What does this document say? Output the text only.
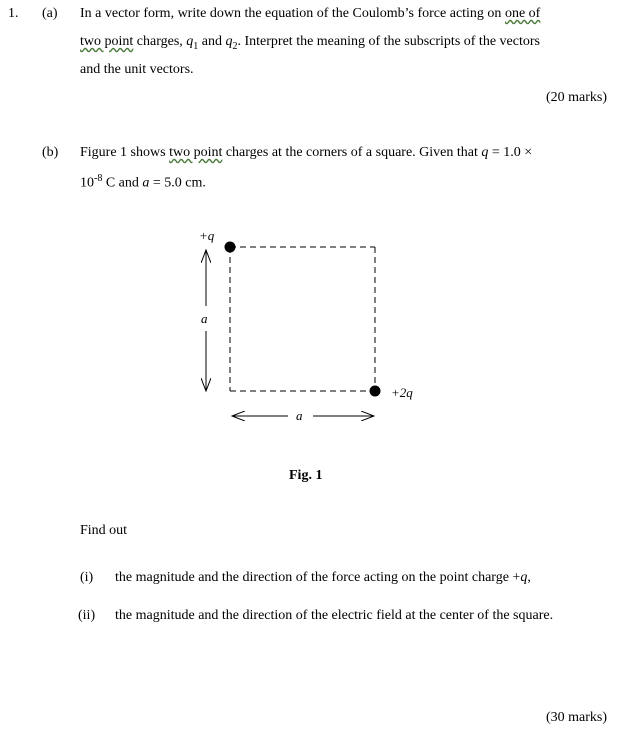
1. (a) In a vector form, write down the equation of the Coulomb’s force acting on one of
two point charges, $q_1$ and $q_2$. Interpret the meaning of the subscripts of the vectors
and the unit vectors.
(20 marks)
(b) Figure 1 shows two point charges at the corners of a square. Given that q = 1.0 ×
$10^{-8}$ C and a = 5.0 cm.
+q
+2q
a
a
Fig. 1
Find out
(i) the magnitude and the direction of the force acting on the point charge +q,
(ii) the magnitude and the direction of the electric field at the center of the square.
(30 marks)
